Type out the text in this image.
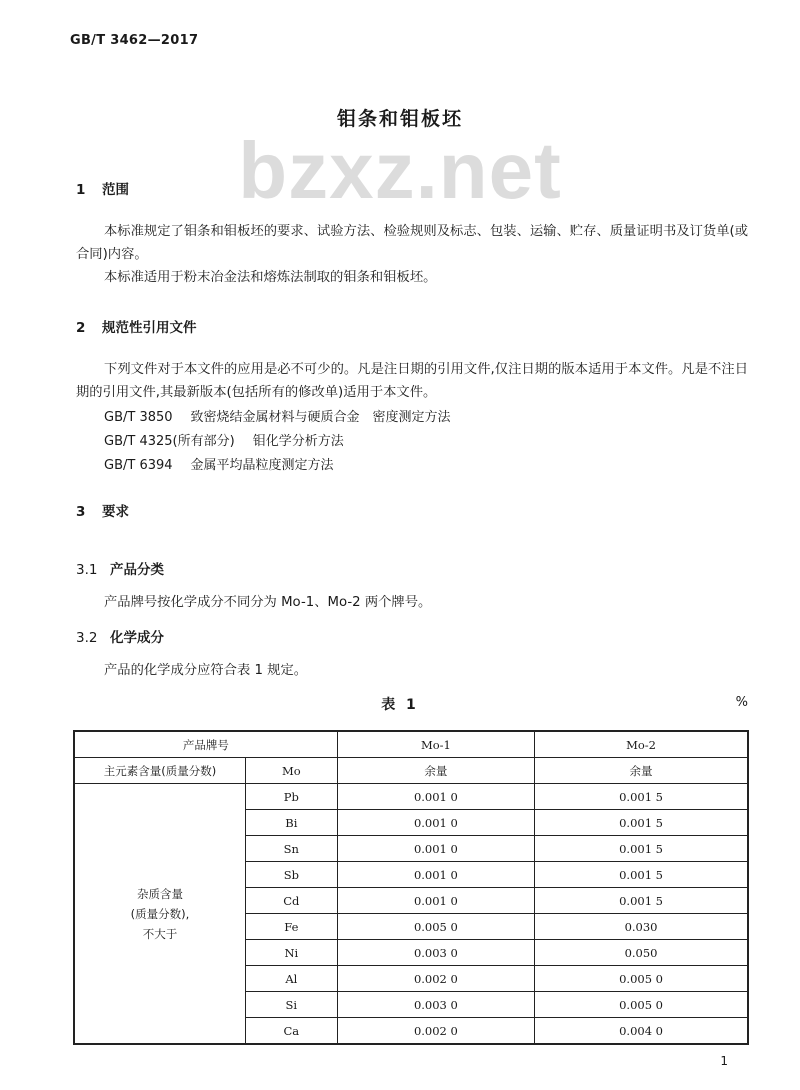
GB/T 3462—2017
bzxz.net
钼条和钼板坯
1 范围

本标准规定了钼条和钼板坯的要求、试验方法、检验规则及标志、包装、运输、贮存、质量证明书及订货单(或合同)内容。

本标准适用于粉末冶金法和熔炼法制取的钼条和钼板坯。

2 规范性引用文件

下列文件对于本文件的应用是必不可少的。凡是注日期的引用文件,仅注日期的版本适用于本文件。凡是不注日期的引用文件,其最新版本(包括所有的修改单)适用于本文件。

GB/T 3850 致密烧结金属材料与硬质合金　密度测定方法
GB/T 4325(所有部分) 钼化学分析方法
GB/T 6394 金属平均晶粒度测定方法
3 要求
3.1 产品分类

产品牌号按化学成分不同分为 Mo-1、Mo-2 两个牌号。

3.2 化学成分

产品的化学成分应符合表 1 规定。

表 1	%
产品牌号		Mo-1	Mo-2
主元素含量(质量分数)	Mo	余量	余量

杂质含量
(质量分数),
不大于	Pb	0.001 0	0.001 5
	Bi	0.001 0	0.001 5
	Sn	0.001 0	0.001 5
	Sb	0.001 0	0.001 5
	Cd	0.001 0	0.001 5
	Fe	0.005 0	0.030
	Ni	0.003 0	0.050
	Al	0.002 0	0.005 0
	Si	0.003 0	0.005 0
	Ca	0.002 0	0.004 0
1
